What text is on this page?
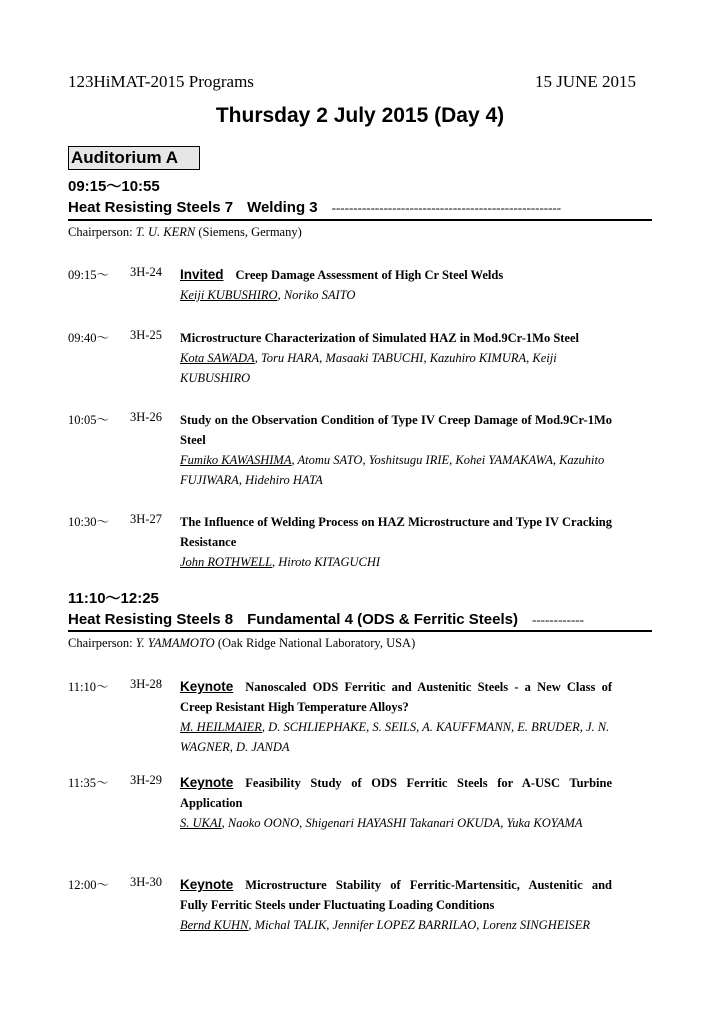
123HiMAT-2015 Programs	15 JUNE 2015
Thursday 2 July 2015 (Day 4)
Auditorium A
09:15～10:55
Heat Resisting Steels 7 Welding 3 -----------------------------------------------------
Chairperson: T. U. KERN (Siemens, Germany)
09:15～ 3H-24 Invited Creep Damage Assessment of High Cr Steel Welds
Keiji KUBUSHIRO, Noriko SAITO
09:40～ 3H-25 Microstructure Characterization of Simulated HAZ in Mod.9Cr-1Mo Steel
Kota SAWADA, Toru HARA, Masaaki TABUCHI, Kazuhiro KIMURA, Keiji KUBUSHIRO
10:05～ 3H-26 Study on the Observation Condition of Type IV Creep Damage of Mod.9Cr-1Mo Steel
Fumiko KAWASHIMA, Atomu SATO, Yoshitsugu IRIE, Kohei YAMAKAWA, Kazuhito FUJIWARA, Hidehiro HATA
10:30～ 3H-27 The Influence of Welding Process on HAZ Microstructure and Type IV Cracking Resistance
John ROTHWELL, Hiroto KITAGUCHI
11:10～12:25
Heat Resisting Steels 8 Fundamental 4 (ODS & Ferritic Steels) ------------
Chairperson: Y. YAMAMOTO (Oak Ridge National Laboratory, USA)
11:10～ 3H-28 Keynote Nanoscaled ODS Ferritic and Austenitic Steels - a New Class of Creep Resistant High Temperature Alloys?
M. HEILMAIER, D. SCHLIEPHAKE, S. SEILS, A. KAUFFMANN, E. BRUDER, J. N. WAGNER, D. JANDA
11:35～ 3H-29 Keynote Feasibility Study of ODS Ferritic Steels for A-USC Turbine Application
S. UKAI, Naoko OONO, Shigenari HAYASHI Takanari OKUDA, Yuka KOYAMA
12:00～ 3H-30 Keynote Microstructure Stability of Ferritic-Martensitic, Austenitic and Fully Ferritic Steels under Fluctuating Loading Conditions
Bernd KUHN, Michal TALIK, Jennifer LOPEZ BARRILAO, Lorenz SINGHEISER
